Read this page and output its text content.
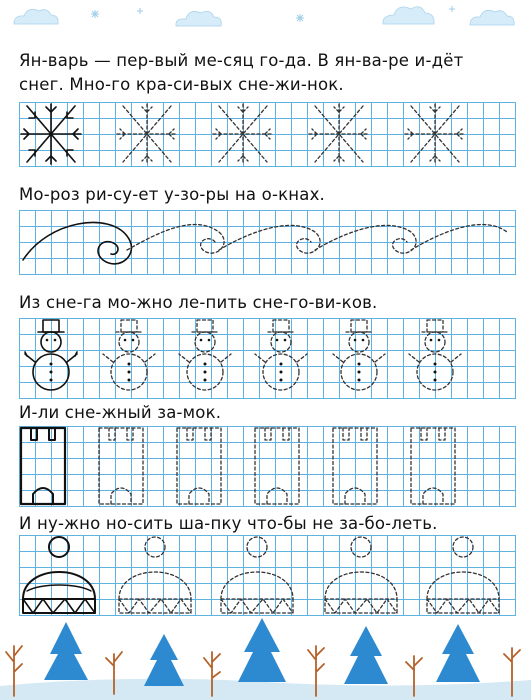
Ян-варь — пер-вый ме-сяц го-да. В ян-ва-ре и-дёт

снег. Мно-го кра-си-вых сне-жи-нок.

Мо-роз ри-су-ет у-зо-ры на о-кнах.

Из сне-га мо-жно ле-пить сне-го-ви-ков.

И-ли сне-жный за-мок.

И ну-жно но-сить ша-пку что-бы не за-бо-леть.
